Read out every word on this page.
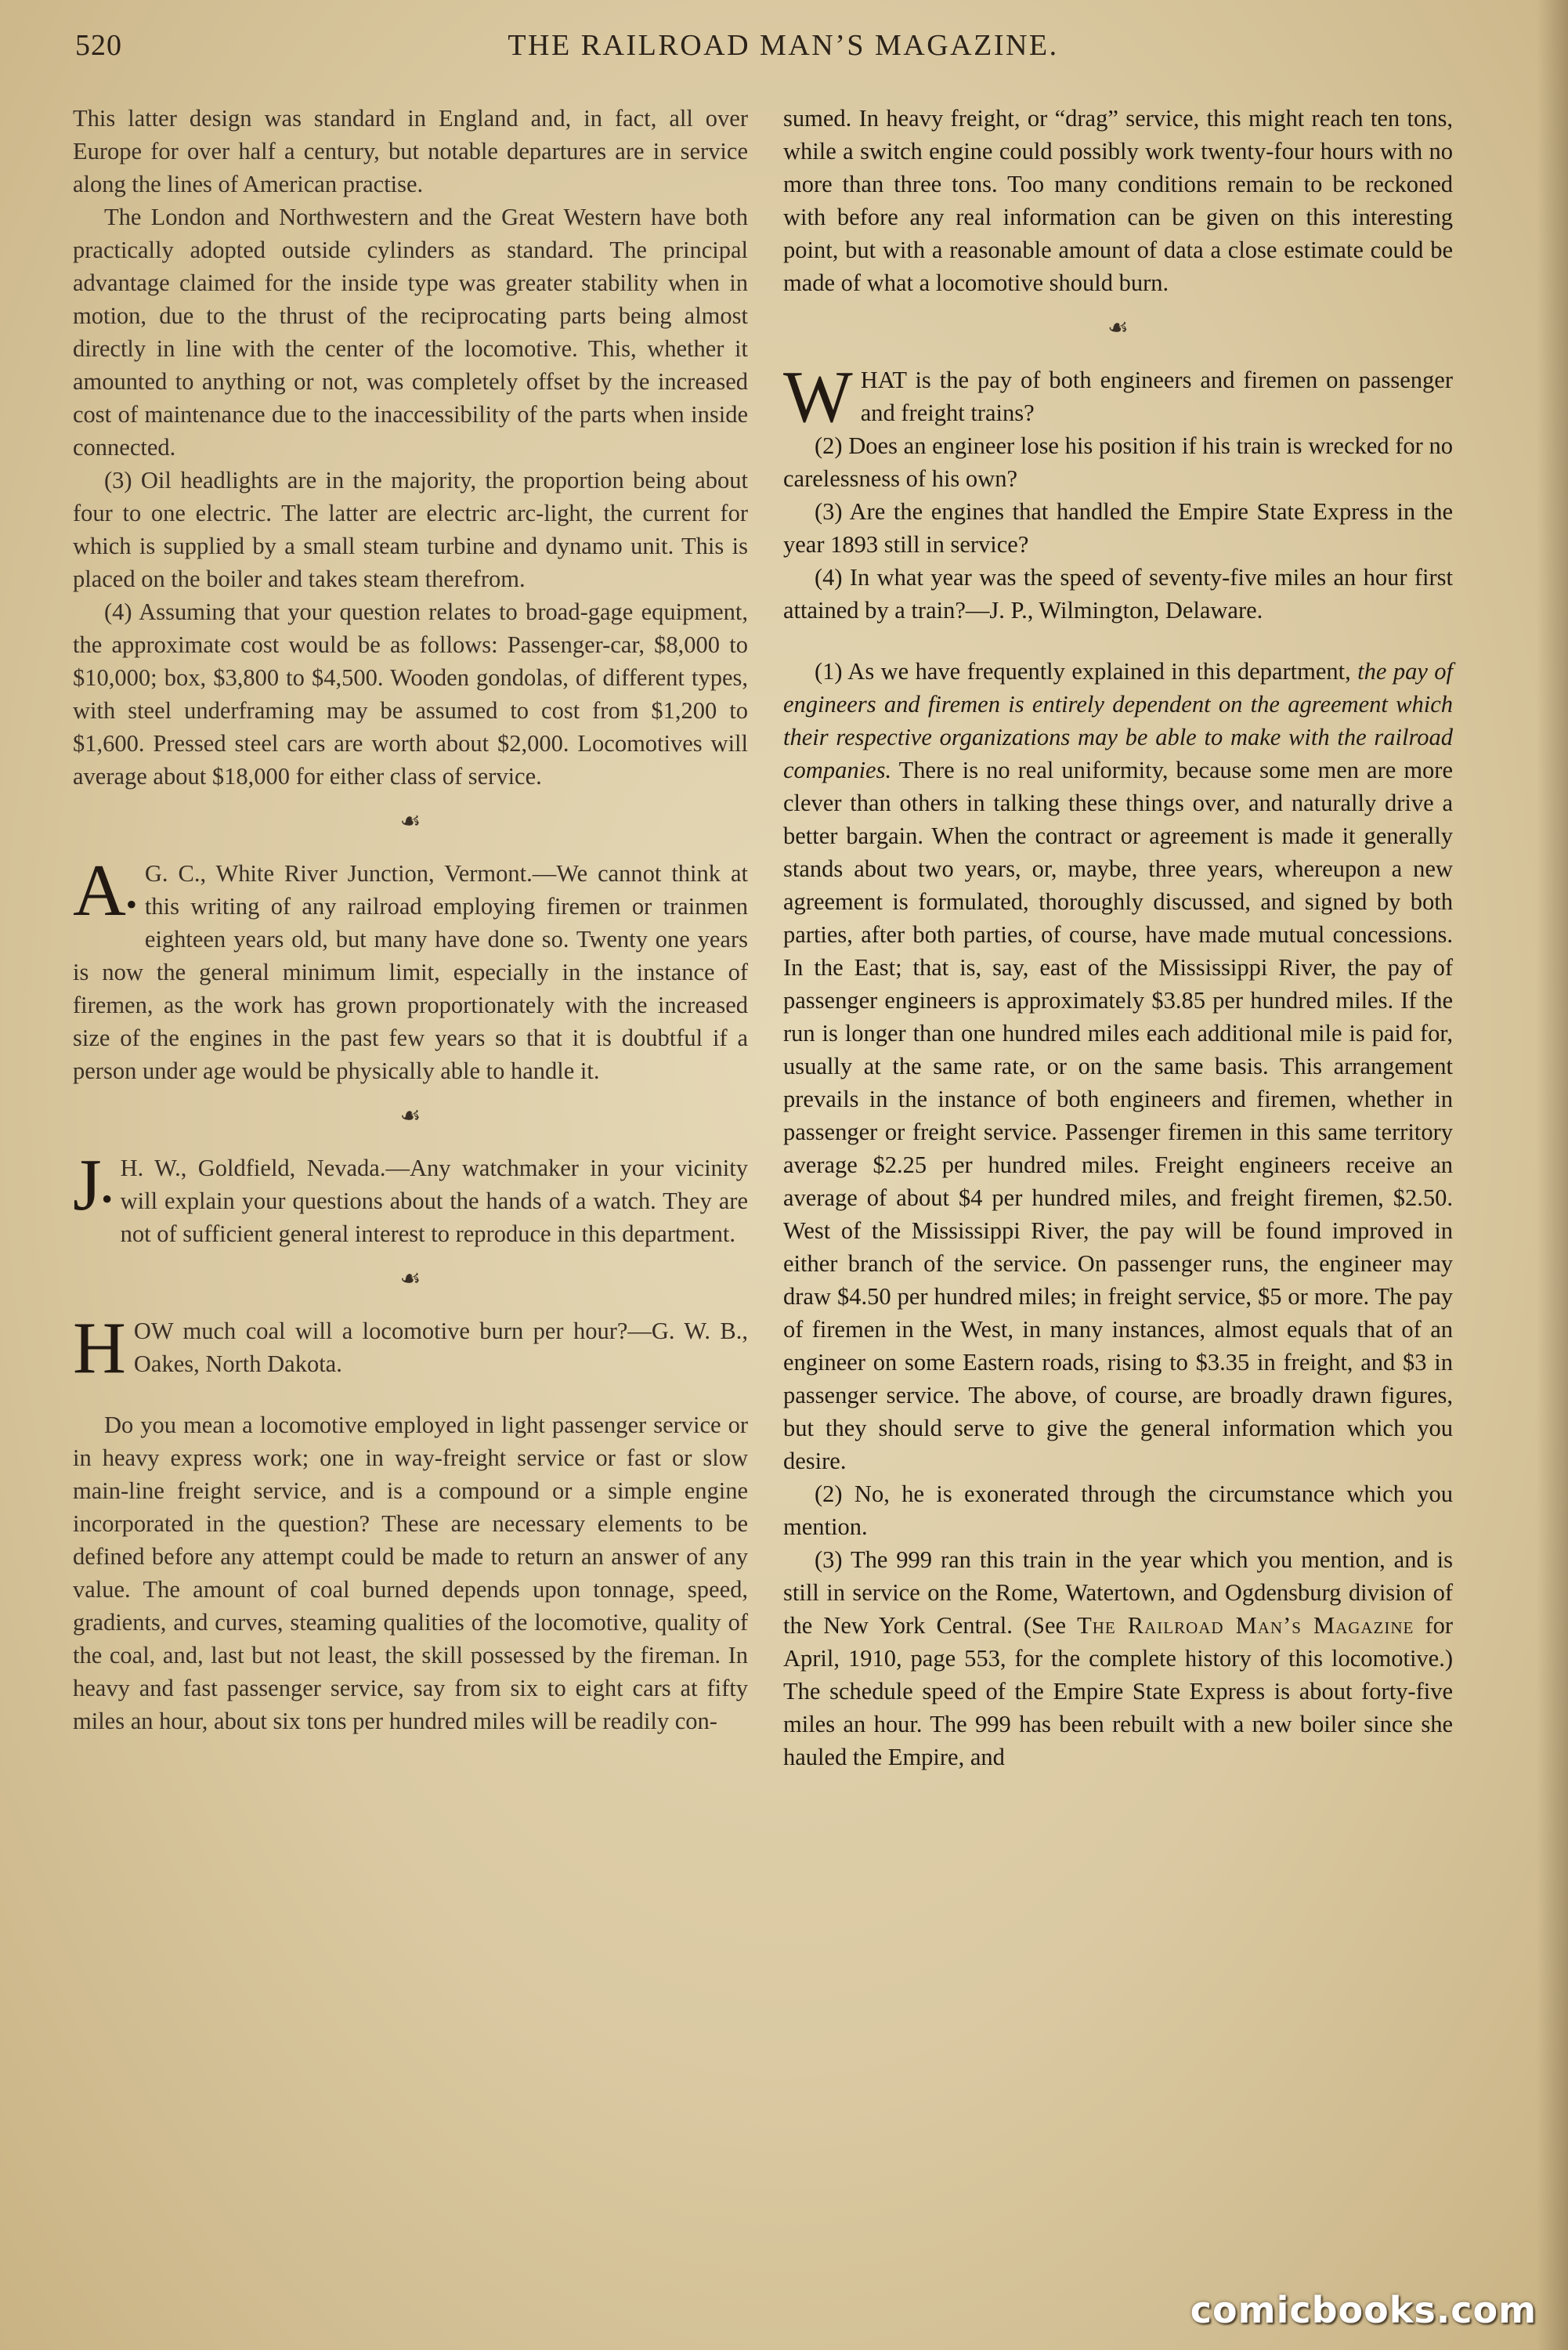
520	THE RAILROAD MAN’S MAGAZINE.

This latter design was standard in England and, in fact, all over Europe for over half a century, but notable departures are in service along the lines of American practise.

The London and Northwestern and the Great Western have both practically adopted outside cylinders as standard. The principal advantage claimed for the inside type was greater stability when in motion, due to the thrust of the reciprocating parts being almost directly in line with the center of the locomotive. This, whether it amounted to anything or not, was completely offset by the increased cost of maintenance due to the inaccessibility of the parts when inside connected.

(3) Oil headlights are in the majority, the proportion being about four to one electric. The latter are electric arc-light, the current for which is supplied by a small steam turbine and dynamo unit. This is placed on the boiler and takes steam therefrom.

(4) Assuming that your question relates to broad-gage equipment, the approximate cost would be as follows: Passenger-car, $8,000 to $10,000; box, $3,800 to $4,500. Wooden gondolas, of different types, with steel underframing may be assumed to cost from $1,200 to $1,600. Pressed steel cars are worth about $2,000. Locomotives will average about $18,000 for either class of service.

☙

A•
G. C., White River Junction, Vermont.—We cannot think at this writing of any railroad employing firemen or trainmen eighteen years old, but many have done so. Twenty one years is now the general minimum limit, especially in the instance of firemen, as the work has grown proportionately with the increased size of the engines in the past few years so that it is doubtful if a person under age would be physically able to handle it.

☙

J•
H. W., Goldfield, Nevada.—Any watchmaker in your vicinity will explain your questions about the hands of a watch. They are not of sufficient general interest to reproduce in this department.

☙

HOW much coal will a locomotive burn per hour?—G. W. B., Oakes, North Dakota.

Do you mean a locomotive employed in light passenger service or in heavy express work; one in way-freight service or fast or slow main-line freight service, and is a compound or a simple engine incorporated in the question? These are necessary elements to be defined before any attempt could be made to return an answer of any value. The amount of coal burned depends upon tonnage, speed, gradients, and curves, steaming qualities of the locomotive, quality of the coal, and, last but not least, the skill possessed by the fireman. In heavy and fast passenger service, say from six to eight cars at fifty miles an hour, about six tons per hundred miles will be readily con-

sumed. In heavy freight, or “drag” service, this might reach ten tons, while a switch engine could possibly work twenty-four hours with no more than three tons. Too many conditions remain to be reckoned with before any real information can be given on this interesting point, but with a reasonable amount of data a close estimate could be made of what a locomotive should burn.

☙

WHAT is the pay of both engineers and firemen on passenger and freight trains?

(2) Does an engineer lose his position if his train is wrecked for no carelessness of his own?

(3) Are the engines that handled the Empire State Express in the year 1893 still in service?

(4) In what year was the speed of seventy-five miles an hour first attained by a train?—J. P., Wilmington, Delaware.

(1) As we have frequently explained in this department, the pay of engineers and firemen is entirely dependent on the agreement which their respective organizations may be able to make with the railroad companies. There is no real uniformity, because some men are more clever than others in talking these things over, and naturally drive a better bargain. When the contract or agreement is made it generally stands about two years, or, maybe, three years, whereupon a new agreement is formulated, thoroughly discussed, and signed by both parties, after both parties, of course, have made mutual concessions. In the East; that is, say, east of the Mississippi River, the pay of passenger engineers is approximately $3.85 per hundred miles. If the run is longer than one hundred miles each additional mile is paid for, usually at the same rate, or on the same basis. This arrangement prevails in the instance of both engineers and firemen, whether in passenger or freight service. Passenger firemen in this same territory average $2.25 per hundred miles. Freight engineers receive an average of about $4 per hundred miles, and freight firemen, $2.50. West of the Mississippi River, the pay will be found improved in either branch of the service. On passenger runs, the engineer may draw $4.50 per hundred miles; in freight service, $5 or more. The pay of firemen in the West, in many instances, almost equals that of an engineer on some Eastern roads, rising to $3.35 in freight, and $3 in passenger service. The above, of course, are broadly drawn figures, but they should serve to give the general information which you desire.

(2) No, he is exonerated through the circumstance which you mention.

(3) The 999 ran this train in the year which you mention, and is still in service on the Rome, Watertown, and Ogdensburg division of the New York Central. (See The Railroad Man’s Magazine for April, 1910, page 553, for the complete history of this locomotive.) The schedule speed of the Empire State Express is about forty-five miles an hour. The 999 has been rebuilt with a new boiler since she hauled the Empire, and

comicbooks.com
